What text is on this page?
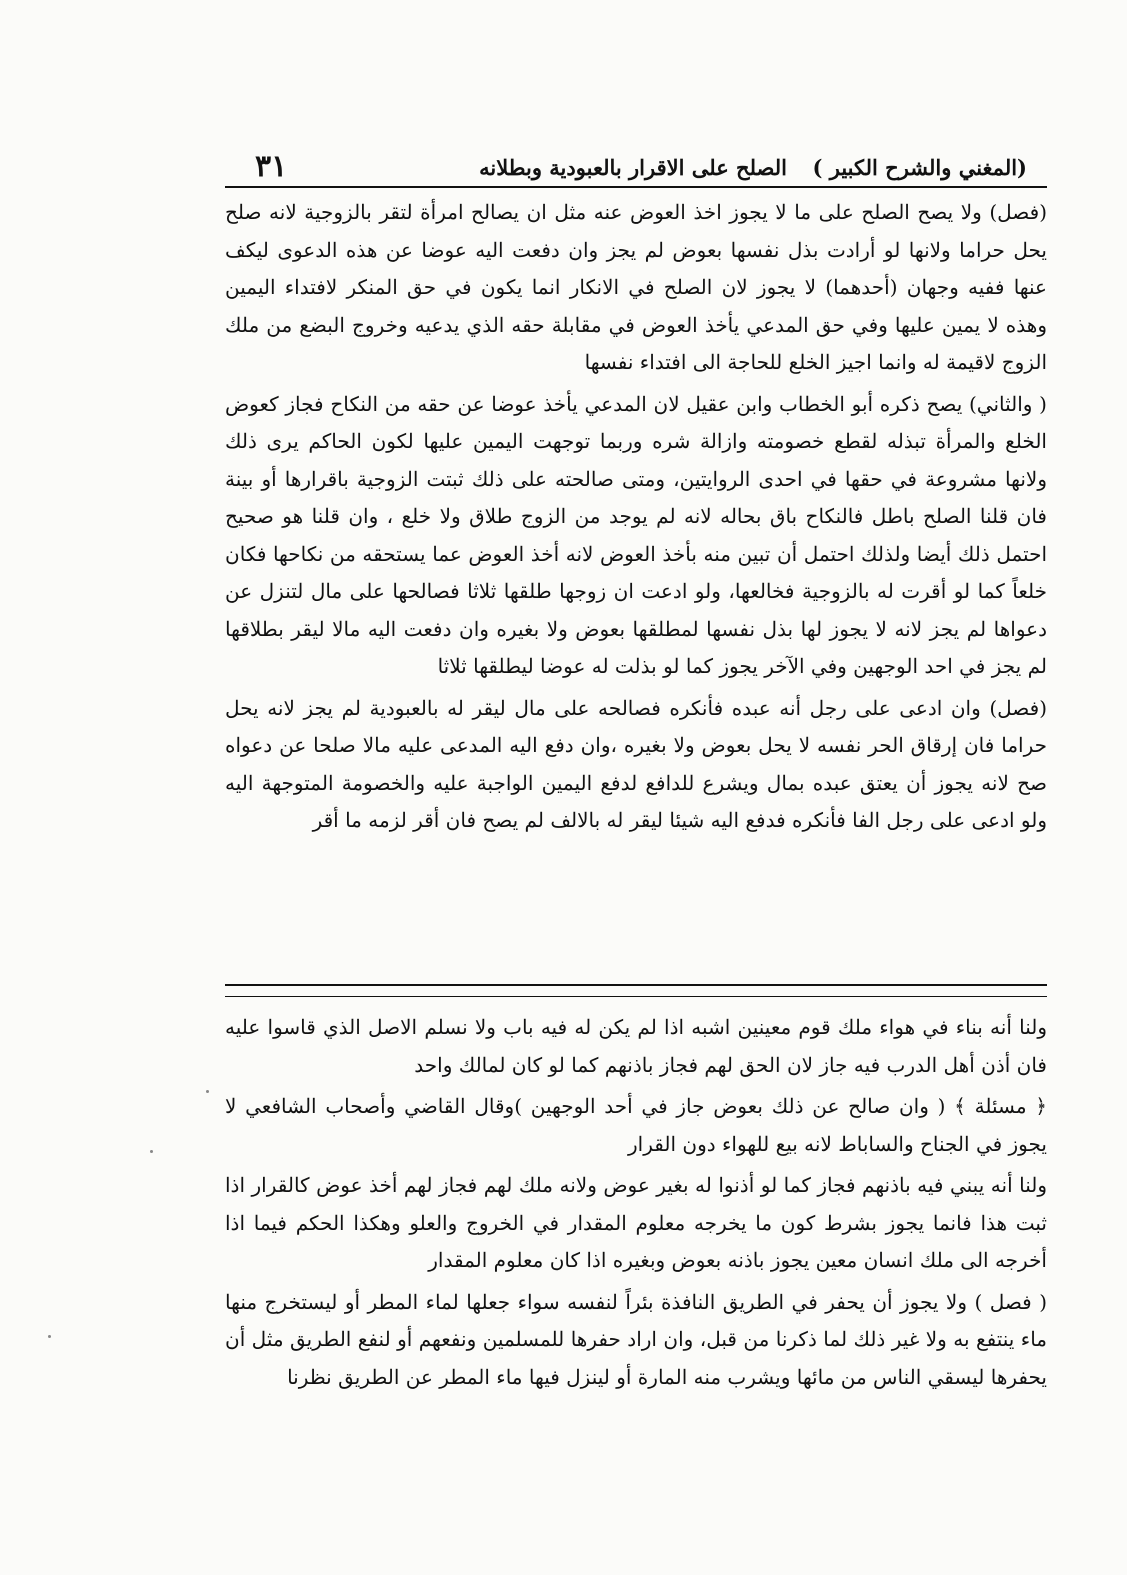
(المغني والشرح الكبير )
الصلح على الاقرار بالعبودية وبطلانه
٣١

(فصل) ولا يصح الصلح على ما لا يجوز اخذ العوض عنه مثل ان يصالح امرأة لتقر بالزوجية لانه صلح يحل حراما ولانها لو أرادت بذل نفسها بعوض لم يجز وان دفعت اليه عوضا عن هذه الدعوى ليكف عنها ففيه وجهان (أحدهما) لا يجوز لان الصلح في الانكار انما يكون في حق المنكر لافتداء اليمين وهذه لا يمين عليها وفي حق المدعي يأخذ العوض في مقابلة حقه الذي يدعيه وخروج البضع من ملك الزوج لاقيمة له وانما اجيز الخلع للحاجة الى افتداء نفسها

( والثاني) يصح ذكره أبو الخطاب وابن عقيل لان المدعي يأخذ عوضا عن حقه من النكاح فجاز كعوض الخلع والمرأة تبذله لقطع خصومته وازالة شره وربما توجهت اليمين عليها لكون الحاكم يرى ذلك ولانها مشروعة في حقها في احدى الروايتين، ومتى صالحته على ذلك ثبتت الزوجية باقرارها أو بينة فان قلنا الصلح باطل فالنكاح باق بحاله لانه لم يوجد من الزوج طلاق ولا خلع ، وان قلنا هو صحيح احتمل ذلك أيضا ولذلك احتمل أن تبين منه بأخذ العوض لانه أخذ العوض عما يستحقه من نكاحها فكان خلعاً كما لو أقرت له بالزوجية فخالعها، ولو ادعت ان زوجها طلقها ثلاثا فصالحها على مال لتنزل عن دعواها لم يجز لانه لا يجوز لها بذل نفسها لمطلقها بعوض ولا بغيره وان دفعت اليه مالا ليقر بطلاقها لم يجز في احد الوجهين وفي الآخر يجوز كما لو بذلت له عوضا ليطلقها ثلاثا

(فصل) وان ادعى على رجل أنه عبده فأنكره فصالحه على مال ليقر له بالعبودية لم يجز لانه يحل حراما فان إرقاق الحر نفسه لا يحل بعوض ولا بغيره ،وان دفع اليه المدعى عليه مالا صلحا عن دعواه صح لانه يجوز أن يعتق عبده بمال ويشرع للدافع لدفع اليمين الواجبة عليه والخصومة المتوجهة اليه ولو ادعى على رجل الفا فأنكره فدفع اليه شيئا ليقر له بالالف لم يصح فان أقر لزمه ما أقر

ولنا أنه بناء في هواء ملك قوم معينين اشبه اذا لم يكن له فيه باب ولا نسلم الاصل الذي قاسوا عليه فان أذن أهل الدرب فيه جاز لان الحق لهم فجاز باذنهم كما لو كان لمالك واحد

﴿ مسئلة ﴾ ( وان صالح عن ذلك بعوض جاز في أحد الوجهين )وقال القاضي وأصحاب الشافعي لا يجوز في الجناح والساباط لانه بيع للهواء دون القرار

ولنا أنه يبني فيه باذنهم فجاز كما لو أذنوا له بغير عوض ولانه ملك لهم فجاز لهم أخذ عوض كالقرار اذا ثبت هذا فانما يجوز بشرط كون ما يخرجه معلوم المقدار في الخروج والعلو وهكذا الحكم فيما اذا أخرجه الى ملك انسان معين يجوز باذنه بعوض وبغيره اذا كان معلوم المقدار

( فصل ) ولا يجوز أن يحفر في الطريق النافذة بئراً لنفسه سواء جعلها لماء المطر أو ليستخرج منها ماء ينتفع به ولا غير ذلك لما ذكرنا من قبل، وان اراد حفرها للمسلمين ونفعهم أو لنفع الطريق مثل أن يحفرها ليسقي الناس من مائها ويشرب منه المارة أو لينزل فيها ماء المطر عن الطريق نظرنا
